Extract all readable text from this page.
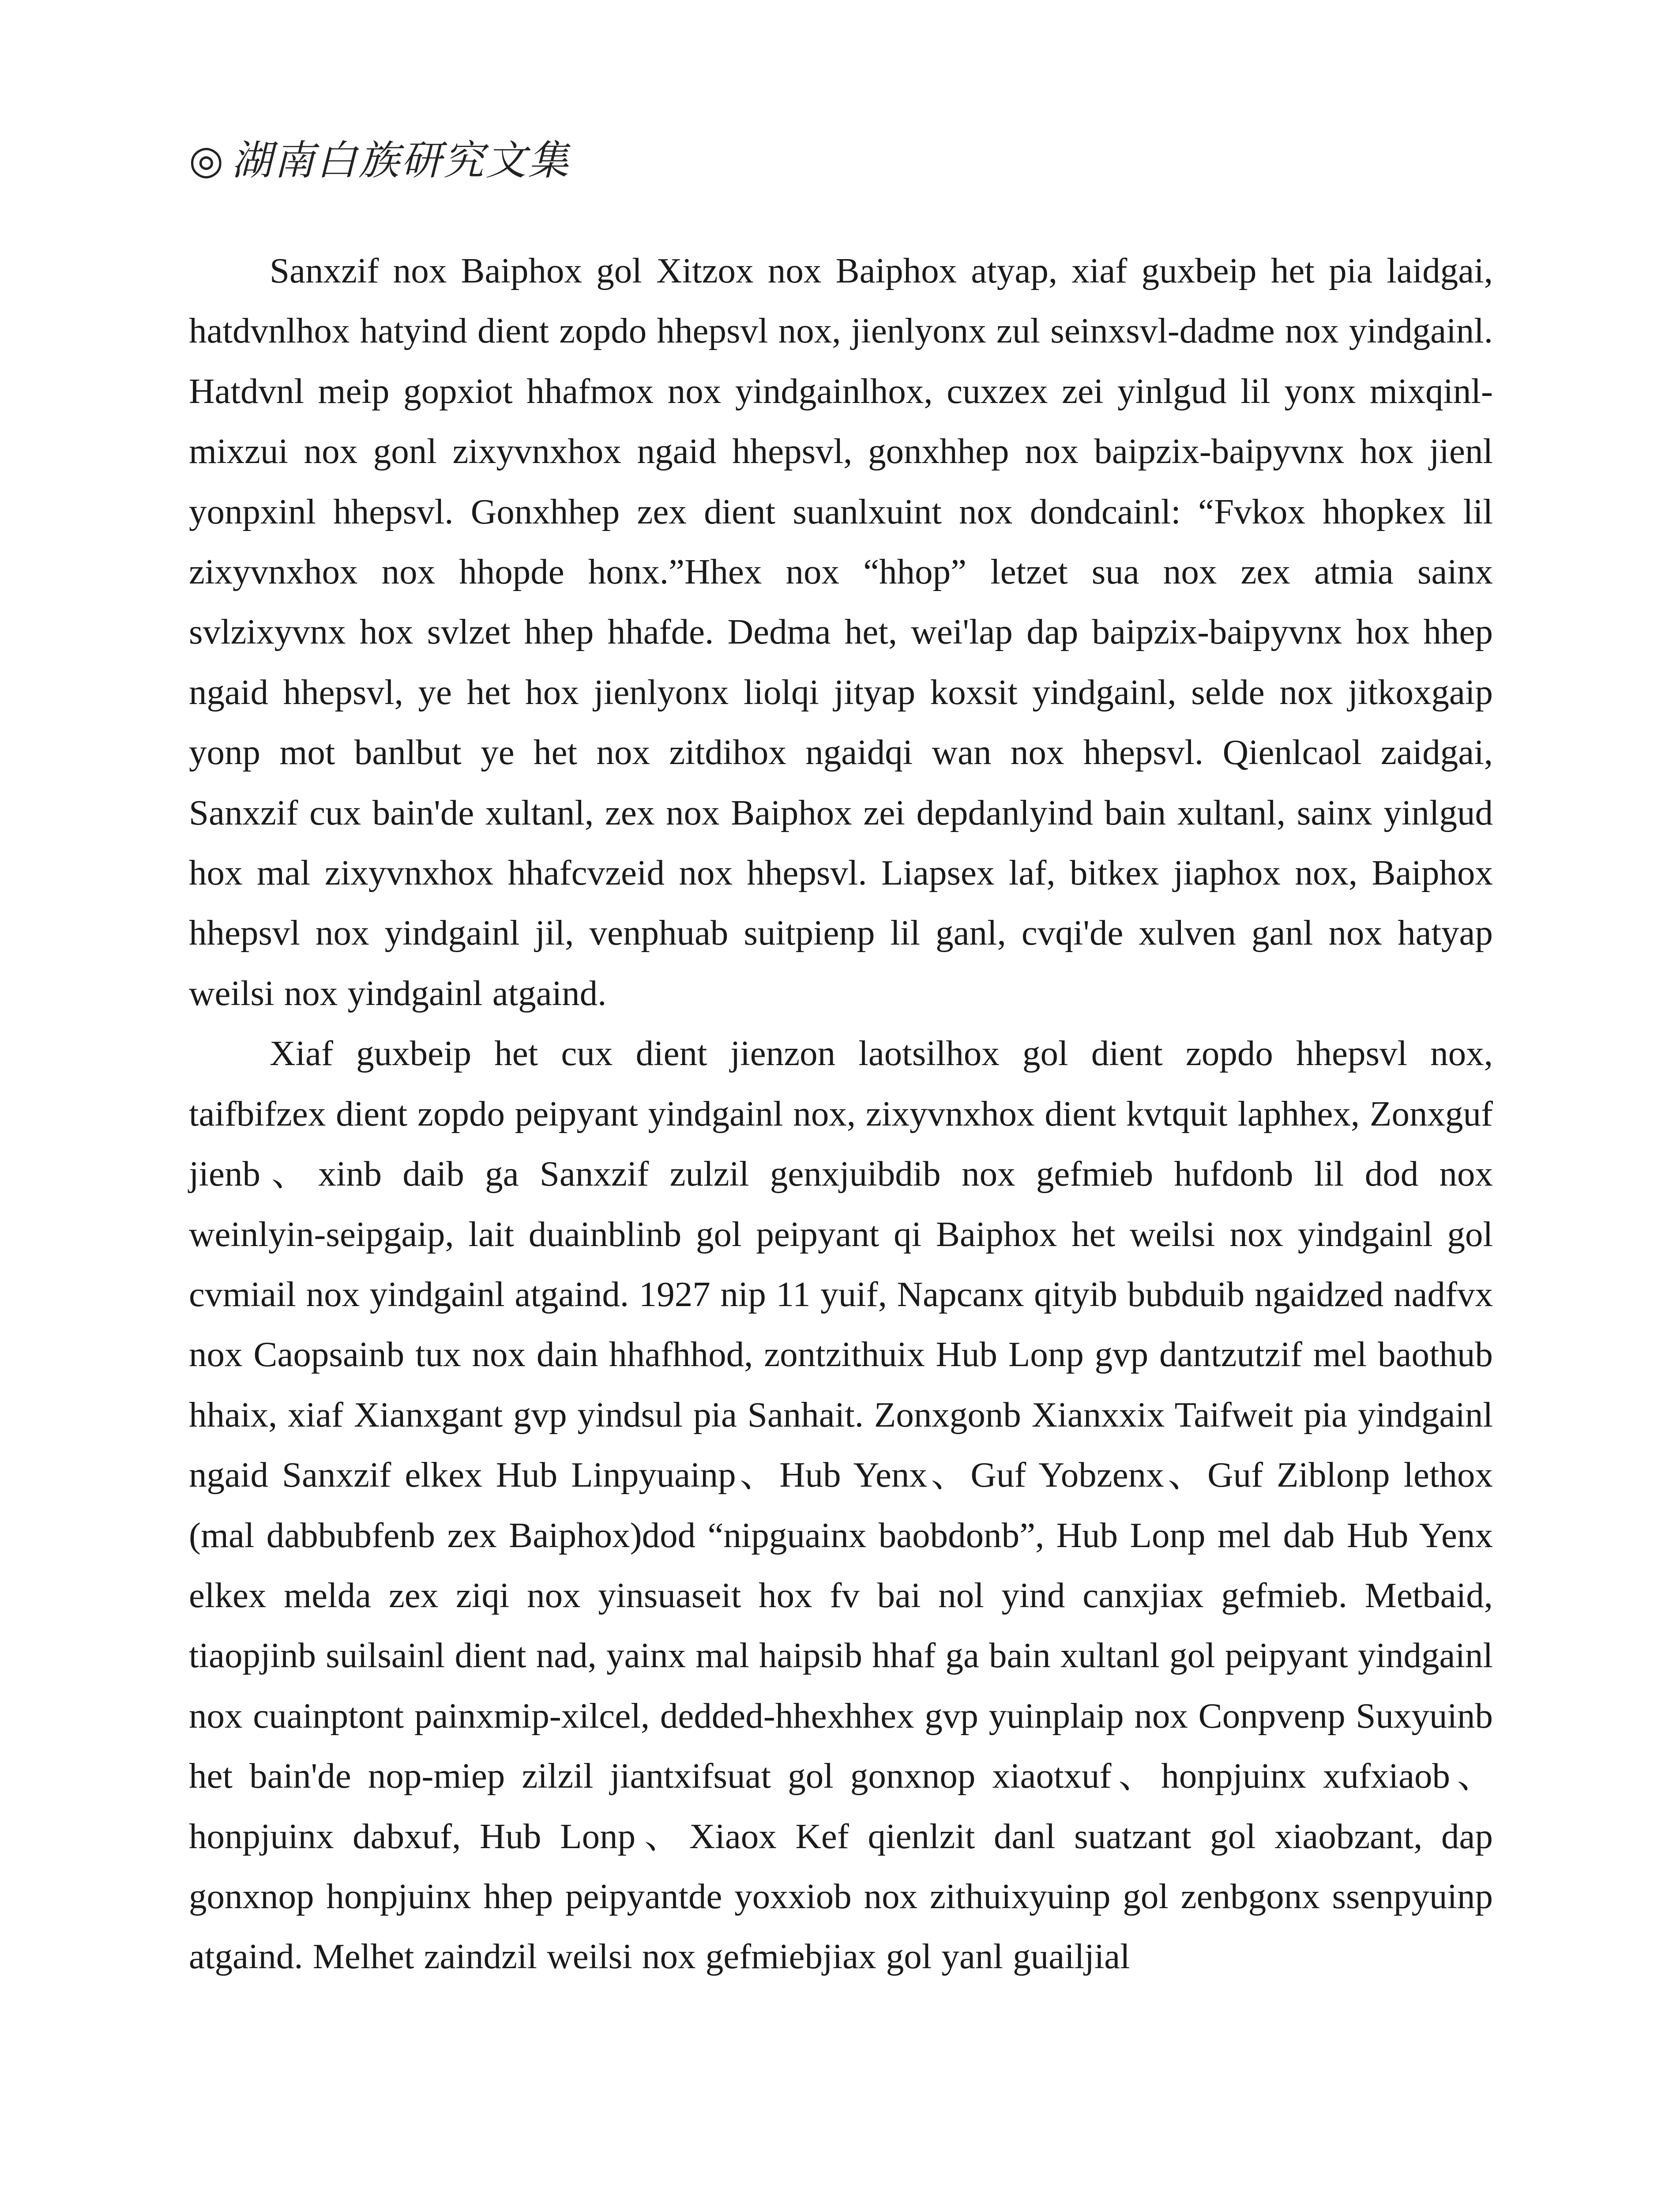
◎ 湖南白族研究文集

Sanxzif nox Baiphox gol Xitzox nox Baiphox atyap, xiaf guxbeip het pia laidgai, hatdvnlhox hatyind dient zopdo hhepsvl nox, jienlyonx zul seinxsvl-dadme nox yindgainl. Hatdvnl meip gopxiot hhafmox nox yindgainlhox, cuxzex zei yinlgud lil yonx mixqinl-mixzui nox gonl zixyvnxhox ngaid hhepsvl, gonxhhep nox baipzix-baipyvnx hox jienl yonpxinl hhepsvl. Gonxhhep zex dient suanlxuint nox dondcainl: “Fvkox hhopkex lil zixyvnxhox nox hhopde honx.”Hhex nox “hhop” letzet sua nox zex atmia sainx svlzixyvnx hox svlzet hhep hhafde. Dedma het, wei'lap dap baipzix-baipyvnx hox hhep ngaid hhepsvl, ye het hox jienlyonx liolqi jityap koxsit yindgainl, selde nox jitkoxgaip yonp mot banlbut ye het nox zitdihox ngaidqi wan nox hhepsvl. Qienlcaol zaidgai, Sanxzif cux bain'de xultanl, zex nox Baiphox zei depdanlyind bain xultanl, sainx yinlgud hox mal zixyvnxhox hhafcvzeid nox hhepsvl. Liapsex laf, bitkex jiaphox nox, Baiphox hhepsvl nox yindgainl jil, venphuab suitpienp lil ganl, cvqi'de xulven ganl nox hatyap weilsi nox yindgainl atgaind.

Xiaf guxbeip het cux dient jienzon laotsilhox gol dient zopdo hhepsvl nox, taifbifzex dient zopdo peipyant yindgainl nox, zixyvnxhox dient kvtquit laphhex, Zonxguf jienb、xinb daib ga Sanxzif zulzil genxjuibdib nox gefmieb hufdonb lil dod nox weinlyin-seipgaip, lait duainblinb gol peipyant qi Baiphox het weilsi nox yindgainl gol cvmiail nox yindgainl atgaind. 1927 nip 11 yuif, Napcanx qityib bubduib ngaidzed nadfvx nox Caopsainb tux nox dain hhafhhod, zontzithuix Hub Lonp gvp dantzutzif mel baothub hhaix, xiaf Xianxgant gvp yindsul pia Sanhait. Zonxgonb Xianxxix Taifweit pia yindgainl ngaid Sanxzif elkex Hub Linpyuainp、Hub Yenx、Guf Yobzenx、Guf Ziblonp lethox (mal dabbubfenb zex Baiphox)dod “nipguainx baobdonb”, Hub Lonp mel dab Hub Yenx elkex melda zex ziqi nox yinsuaseit hox fv bai nol yind canxjiax gefmieb. Metbaid, tiaopjinb suilsainl dient nad, yainx mal haipsib hhaf ga bain xultanl gol peipyant yindgainl nox cuainptont painxmip-xilcel, dedded-hhexhhex gvp yuinplaip nox Conpvenp Suxyuinb het bain'de nop-miep zilzil jiantxifsuat gol gonxnop xiaotxuf、honpjuinx xufxiaob、honpjuinx dabxuf, Hub Lonp、Xiaox Kef qienlzit danl suatzant gol xiaobzant, dap gonxnop honpjuinx hhep peipyantde yoxxiob nox zithuixyuinp gol zenbgonx ssenpyuinp atgaind. Melhet zaindzil weilsi nox gefmiebjiax gol yanl guailjial
